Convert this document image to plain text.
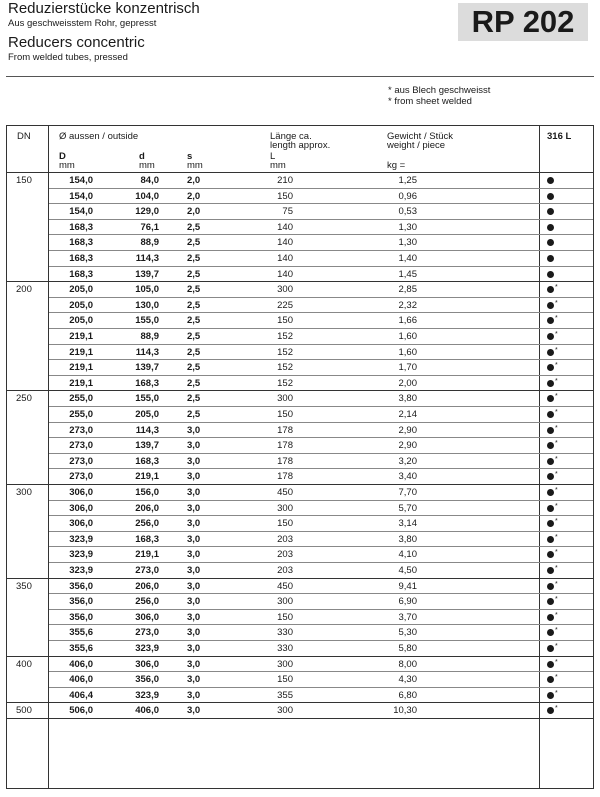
Reduzierstücke konzentrisch
Aus geschweisstem Rohr, gepresst
Reducers concentric
From welded tubes, pressed
RP 202
* aus Blech geschweisst
* from sheet welded
DN	Ø aussen / outside
D	d	s
mm	mm	mm
Länge ca.
length approx.
L
mm
Gewicht / Stück
weight / piece
kg =
316 L
150	154,0	84,0	2,0	210	1,25
154,0	104,0	2,0	150	0,96
154,0	129,0	2,0	75	0,53
168,3	76,1	2,5	140	1,30
168,3	88,9	2,5	140	1,30
168,3	114,3	2,5	140	1,40
168,3	139,7	2,5	140	1,45
200	205,0	105,0	2,5	300	2,85	*
205,0	130,0	2,5	225	2,32	*
205,0	155,0	2,5	150	1,66	*
219,1	88,9	2,5	152	1,60	*
219,1	114,3	2,5	152	1,60	*
219,1	139,7	2,5	152	1,70	*
219,1	168,3	2,5	152	2,00	*
250	255,0	155,0	2,5	300	3,80	*
255,0	205,0	2,5	150	2,14	*
273,0	114,3	3,0	178	2,90	*
273,0	139,7	3,0	178	2,90	*
273,0	168,3	3,0	178	3,20	*
273,0	219,1	3,0	178	3,40	*
300	306,0	156,0	3,0	450	7,70	*
306,0	206,0	3,0	300	5,70	*
306,0	256,0	3,0	150	3,14	*
323,9	168,3	3,0	203	3,80	*
323,9	219,1	3,0	203	4,10	*
323,9	273,0	3,0	203	4,50	*
350	356,0	206,0	3,0	450	9,41	*
356,0	256,0	3,0	300	6,90	*
356,0	306,0	3,0	150	3,70	*
355,6	273,0	3,0	330	5,30	*
355,6	323,9	3,0	330	5,80	*
400	406,0	306,0	3,0	300	8,00	*
406,0	356,0	3,0	150	4,30	*
406,4	323,9	3,0	355	6,80	*
500	506,0	406,0	3,0	300	10,30	*
